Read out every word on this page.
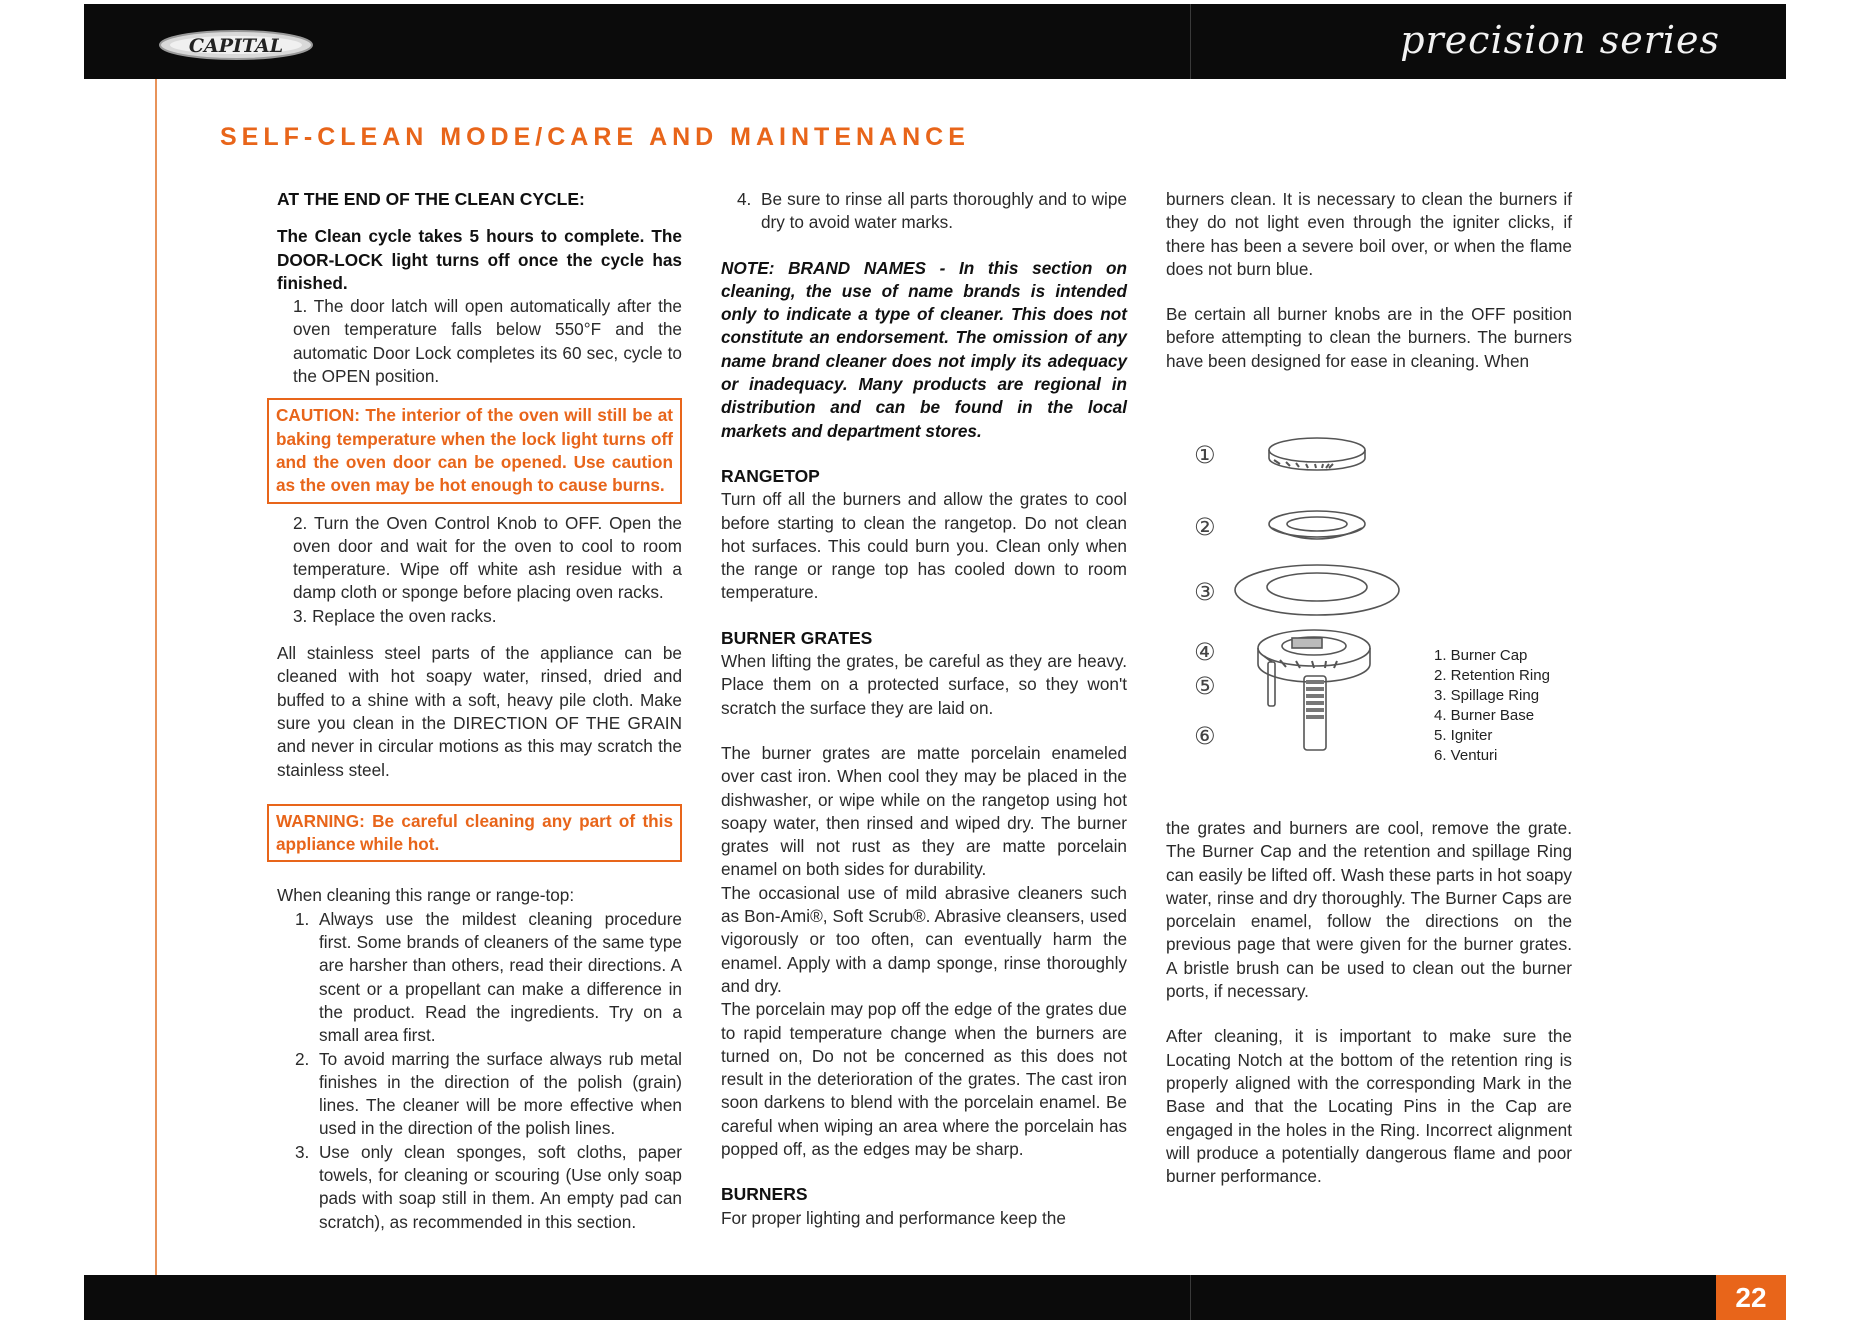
CAPITAL	precision series
SELF-CLEAN MODE/CARE AND MAINTENANCE

AT THE END OF THE CLEAN CYCLE:

The Clean cycle takes 5 hours to complete. The DOOR-LOCK light turns off once the cycle has finished.

1. The door latch will open automatically after the oven temperature falls below 550°F and the automatic Door Lock completes its 60 sec, cycle to the OPEN position.

CAUTION: The interior of the oven will still be at baking temperature when the lock light turns off and the oven door can be opened. Use caution as the oven may be hot enough to cause burns.

2. Turn the Oven Control Knob to OFF. Open the oven door and wait for the oven to cool to room temperature. Wipe off white ash residue with a damp cloth or sponge before placing oven racks.

3. Replace the oven racks.

All stainless steel parts of the appliance can be cleaned with hot soapy water, rinsed, dried and buffed to a shine with a soft, heavy pile cloth. Make sure you clean in the DIRECTION OF THE GRAIN and never in circular motions as this may scratch the stainless steel.

WARNING: Be careful cleaning any part of this appliance while hot.

When cleaning this range or range-top:

1. Always use the mildest cleaning procedure first. Some brands of cleaners of the same type are harsher than others, read their directions. A scent or a propellant can make a difference in the product. Read the ingredients. Try on a small area first.
2. To avoid marring the surface always rub metal finishes in the direction of the polish (grain) lines. The cleaner will be more effective when used in the direction of the polish lines.
3. Use only clean sponges, soft cloths, paper towels, for cleaning or scouring (Use only soap pads with soap still in them. An empty pad can scratch), as recommended in this section.
4. Be sure to rinse all parts thoroughly and to wipe dry to avoid water marks.

NOTE: BRAND NAMES - In this section on cleaning, the use of name brands is intended only to indicate a type of cleaner. This does not constitute an endorsement. The omission of any name brand cleaner does not imply its adequacy or inadequacy. Many products are regional in distribution and can be found in the local markets and department stores.

RANGETOP

Turn off all the burners and allow the grates to cool before starting to clean the rangetop. Do not clean hot surfaces. This could burn you. Clean only when the range or range top has cooled down to room temperature.

BURNER GRATES

When lifting the grates, be careful as they are heavy. Place them on a protected surface, so they won't scratch the surface they are laid on.

The burner grates are matte porcelain enameled over cast iron. When cool they may be placed in the dishwasher, or wipe while on the rangetop using hot soapy water, then rinsed and wiped dry. The burner grates will not rust as they are matte porcelain enamel on both sides for durability.

The occasional use of mild abrasive cleaners such as Bon-Ami®, Soft Scrub®. Abrasive cleansers, used vigorously or too often, can eventually harm the enamel. Apply with a damp sponge, rinse thoroughly and dry.

The porcelain may pop off the edge of the grates due to rapid temperature change when the burners are turned on, Do not be concerned as this does not result in the deterioration of the grates. The cast iron soon darkens to blend with the porcelain enamel. Be careful when wiping an area where the porcelain has popped off, as the edges may be sharp.

BURNERS

For proper lighting and performance keep the

burners clean. It is necessary to clean the burners if they do not light even through the igniter clicks, if there has been a severe boil over, or when the flame does not burn blue.

Be certain all burner knobs are in the OFF position before attempting to clean the burners. The burners have been designed for ease in cleaning. When

①
②
③
④
⑤
⑥
1. Burner Cap
2. Retention Ring
3. Spillage Ring
4. Burner Base
5. Igniter
6. Venturi

the grates and burners are cool, remove the grate. The Burner Cap and the retention and spillage Ring can easily be lifted off. Wash these parts in hot soapy water, rinse and dry thoroughly. The Burner Caps are porcelain enamel, follow the directions on the previous page that were given for the burner grates. A bristle brush can be used to clean out the burner ports, if necessary.

After cleaning, it is important to make sure the Locating Notch at the bottom of the retention ring is properly aligned with the corresponding Mark in the Base and that the Locating Pins in the Cap are engaged in the holes in the Ring. Incorrect alignment will produce a potentially dangerous flame and poor burner performance.

22
